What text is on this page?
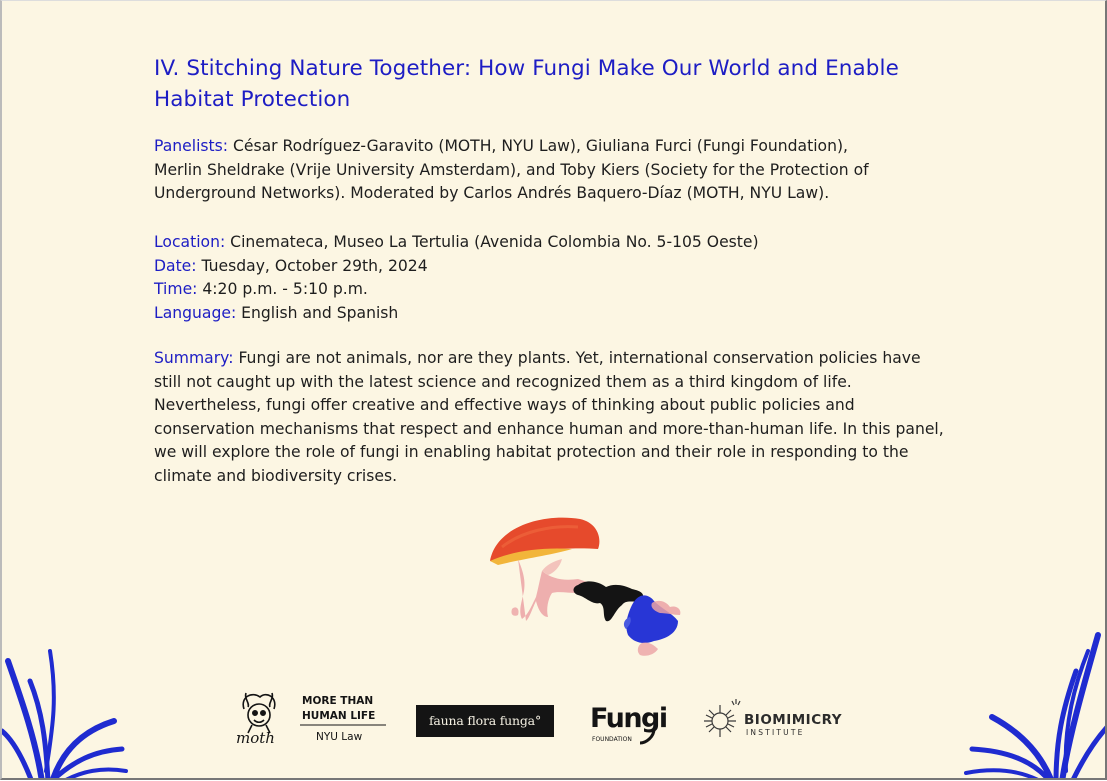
IV. Stitching Nature Together: How Fungi Make Our World and Enable
Habitat Protection
Panelists: César Rodríguez-Garavito (MOTH, NYU Law), Giuliana Furci (Fungi Foundation),
Merlin Sheldrake (Vrije University Amsterdam), and Toby Kiers (Society for the Protection of
Underground Networks). Moderated by Carlos Andrés Baquero-Díaz (MOTH, NYU Law).
Location: Cinemateca, Museo La Tertulia (Avenida Colombia No. 5-105 Oeste)
Date: Tuesday, October 29th, 2024
Time: 4:20 p.m. - 5:10 p.m.
Language: English and Spanish
Summary: Fungi are not animals, nor are they plants. Yet, international conservation policies have
still not caught up with the latest science and recognized them as a third kingdom of life.
Nevertheless, fungi offer creative and effective ways of thinking about public policies and
conservation mechanisms that respect and enhance human and more-than-human life. In this panel,
we will explore the role of fungi in enabling habitat protection and their role in responding to the
climate and biodiversity crises.
moth
MORE THAN
HUMAN LIFE
NYU Law
fauna flora funga°	Fungi
FOUNDATION
BIOMIMICRY
INSTITUTE
